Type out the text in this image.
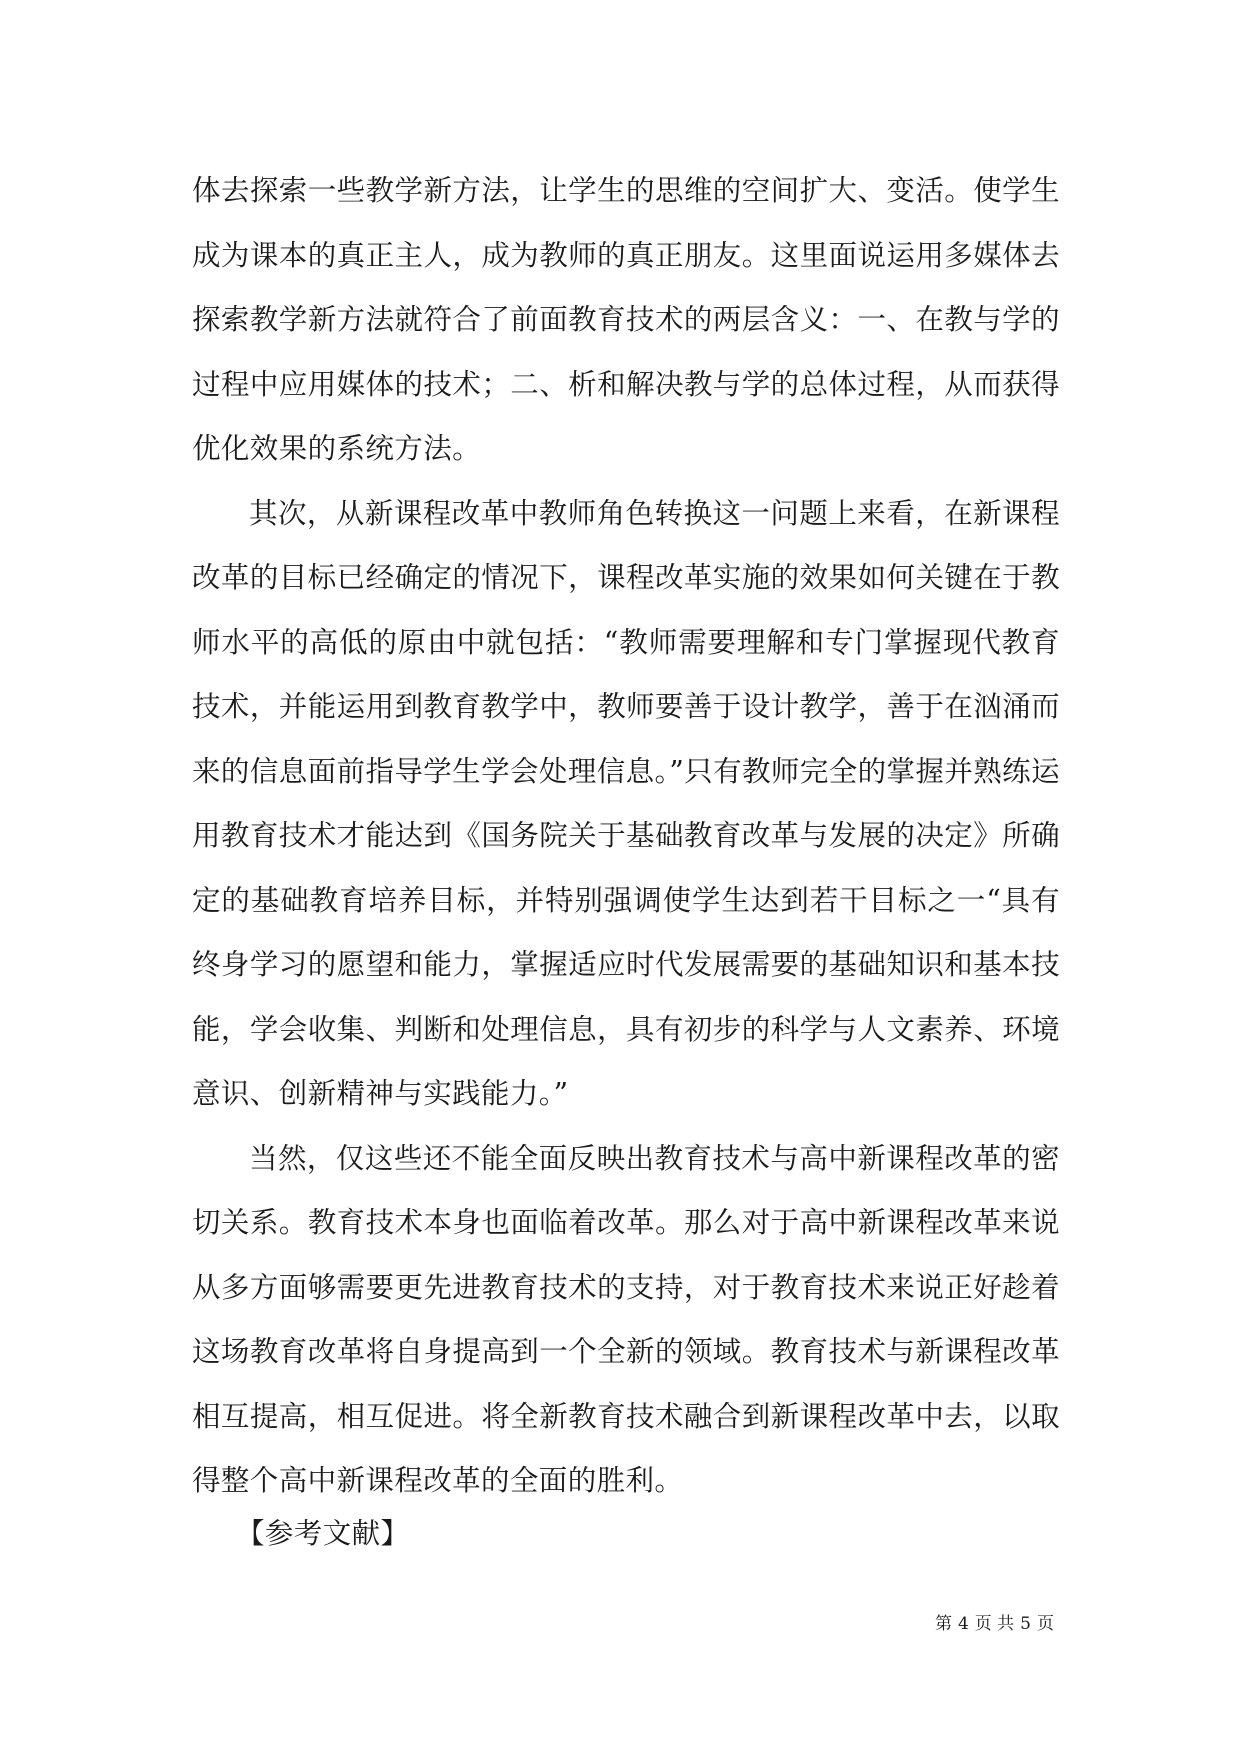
体去探索一些教学新方法，让学生的思维的空间扩大、变活。使学生成为课本的真正主人，成为教师的真正朋友。这里面说运用多媒体去探索教学新方法就符合了前面教育技术的两层含义：一、在教与学的过程中应用媒体的技术；二、析和解决教与学的总体过程，从而获得优化效果的系统方法。

其次，从新课程改革中教师角色转换这一问题上来看，在新课程改革的目标已经确定的情况下，课程改革实施的效果如何关键在于教师水平的高低的原由中就包括：“教师需要理解和专门掌握现代教育技术，并能运用到教育教学中，教师要善于设计教学，善于在汹涌而来的信息面前指导学生学会处理信息。”只有教师完全的掌握并熟练运用教育技术才能达到《国务院关于基础教育改革与发展的决定》所确定的基础教育培养目标，并特别强调使学生达到若干目标之一“具有终身学习的愿望和能力，掌握适应时代发展需要的基础知识和基本技能，学会收集、判断和处理信息，具有初步的科学与人文素养、环境意识、创新精神与实践能力。”

当然，仅这些还不能全面反映出教育技术与高中新课程改革的密切关系。教育技术本身也面临着改革。那么对于高中新课程改革来说从多方面够需要更先进教育技术的支持，对于教育技术来说正好趁着这场教育改革将自身提高到一个全新的领域。教育技术与新课程改革相互提高，相互促进。将全新教育技术融合到新课程改革中去，以取得整个高中新课程改革的全面的胜利。

【参考文献】

第 4 页 共 5 页
